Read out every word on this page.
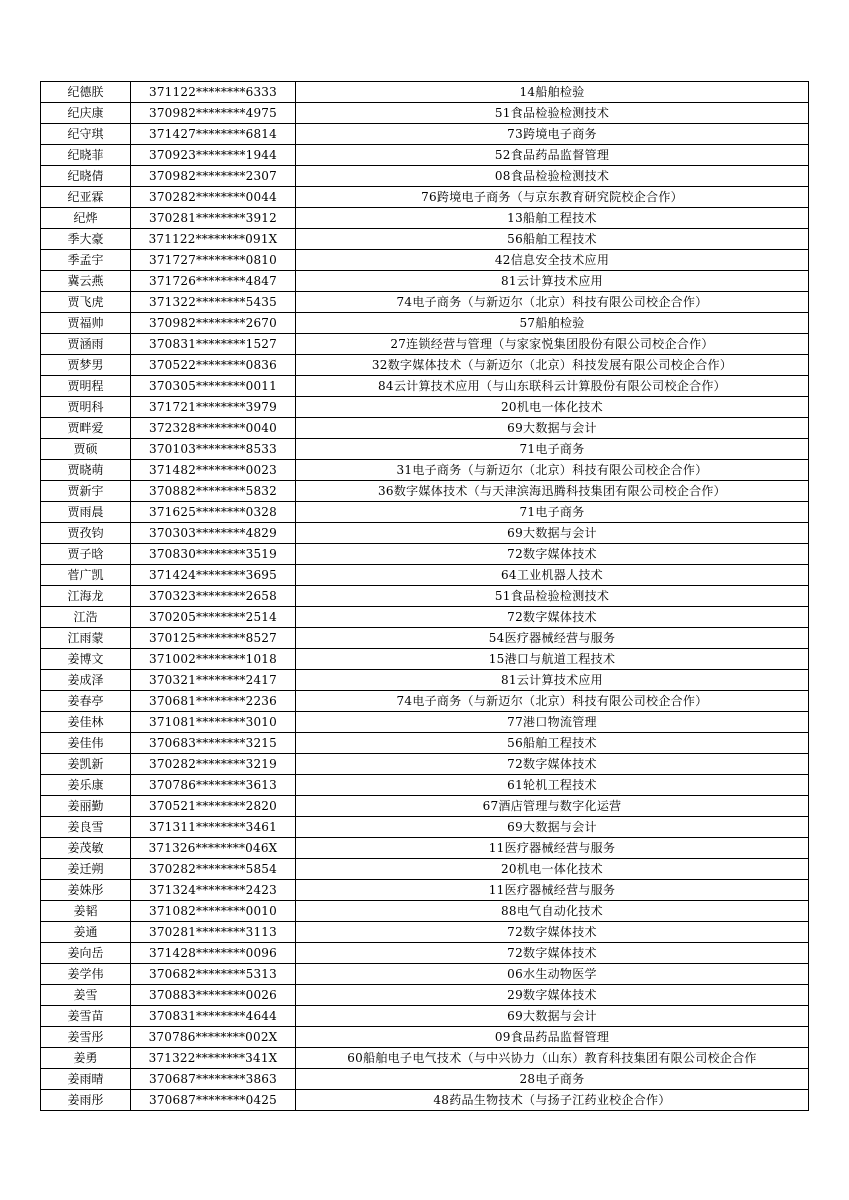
纪德朕	371122********6333	14船舶检验
纪庆康	370982********4975	51食品检验检测技术
纪守琪	371427********6814	73跨境电子商务
纪晓菲	370923********1944	52食品药品监督管理
纪晓倩	370982********2307	08食品检验检测技术
纪亚霖	370282********0044	76跨境电子商务（与京东教育研究院校企合作）
纪烨	370281********3912	13船舶工程技术
季大豪	371122********091X	56船舶工程技术
季孟宇	371727********0810	42信息安全技术应用
冀云燕	371726********4847	81云计算技术应用
贾飞虎	371322********5435	74电子商务（与新迈尔（北京）科技有限公司校企合作）
贾福帅	370982********2670	57船舶检验
贾涵雨	370831********1527	27连锁经营与管理（与家家悦集团股份有限公司校企合作）
贾梦男	370522********0836	32数字媒体技术（与新迈尔（北京）科技发展有限公司校企合作）
贾明程	370305********0011	84云计算技术应用（与山东联科云计算股份有限公司校企合作）
贾明科	371721********3979	20机电一体化技术
贾畔爱	372328********0040	69大数据与会计
贾硕	370103********8533	71电子商务
贾晓萌	371482********0023	31电子商务（与新迈尔（北京）科技有限公司校企合作）
贾新宇	370882********5832	36数字媒体技术（与天津滨海迅腾科技集团有限公司校企合作）
贾雨晨	371625********0328	71电子商务
贾孜钧	370303********4829	69大数据与会计
贾子晗	370830********3519	72数字媒体技术
菅广凯	371424********3695	64工业机器人技术
江海龙	370323********2658	51食品检验检测技术
江浩	370205********2514	72数字媒体技术
江雨蒙	370125********8527	54医疗器械经营与服务
姜博文	371002********1018	15港口与航道工程技术
姜成泽	370321********2417	81云计算技术应用
姜春亭	370681********2236	74电子商务（与新迈尔（北京）科技有限公司校企合作）
姜佳林	371081********3010	77港口物流管理
姜佳伟	370683********3215	56船舶工程技术
姜凯新	370282********3219	72数字媒体技术
姜乐康	370786********3613	61轮机工程技术
姜丽勤	370521********2820	67酒店管理与数字化运营
姜良雪	371311********3461	69大数据与会计
姜茂敏	371326********046X	11医疗器械经营与服务
姜迁朔	370282********5854	20机电一体化技术
姜姝彤	371324********2423	11医疗器械经营与服务
姜韬	371082********0010	88电气自动化技术
姜通	370281********3113	72数字媒体技术
姜向岳	371428********0096	72数字媒体技术
姜学伟	370682********5313	06水生动物医学
姜雪	370883********0026	29数字媒体技术
姜雪苗	370831********4644	69大数据与会计
姜雪彤	370786********002X	09食品药品监督管理
姜勇	371322********341X	60船舶电子电气技术（与中兴协力（山东）教育科技集团有限公司校企合作
姜雨晴	370687********3863	28电子商务
姜雨彤	370687********0425	48药品生物技术（与扬子江药业校企合作）
